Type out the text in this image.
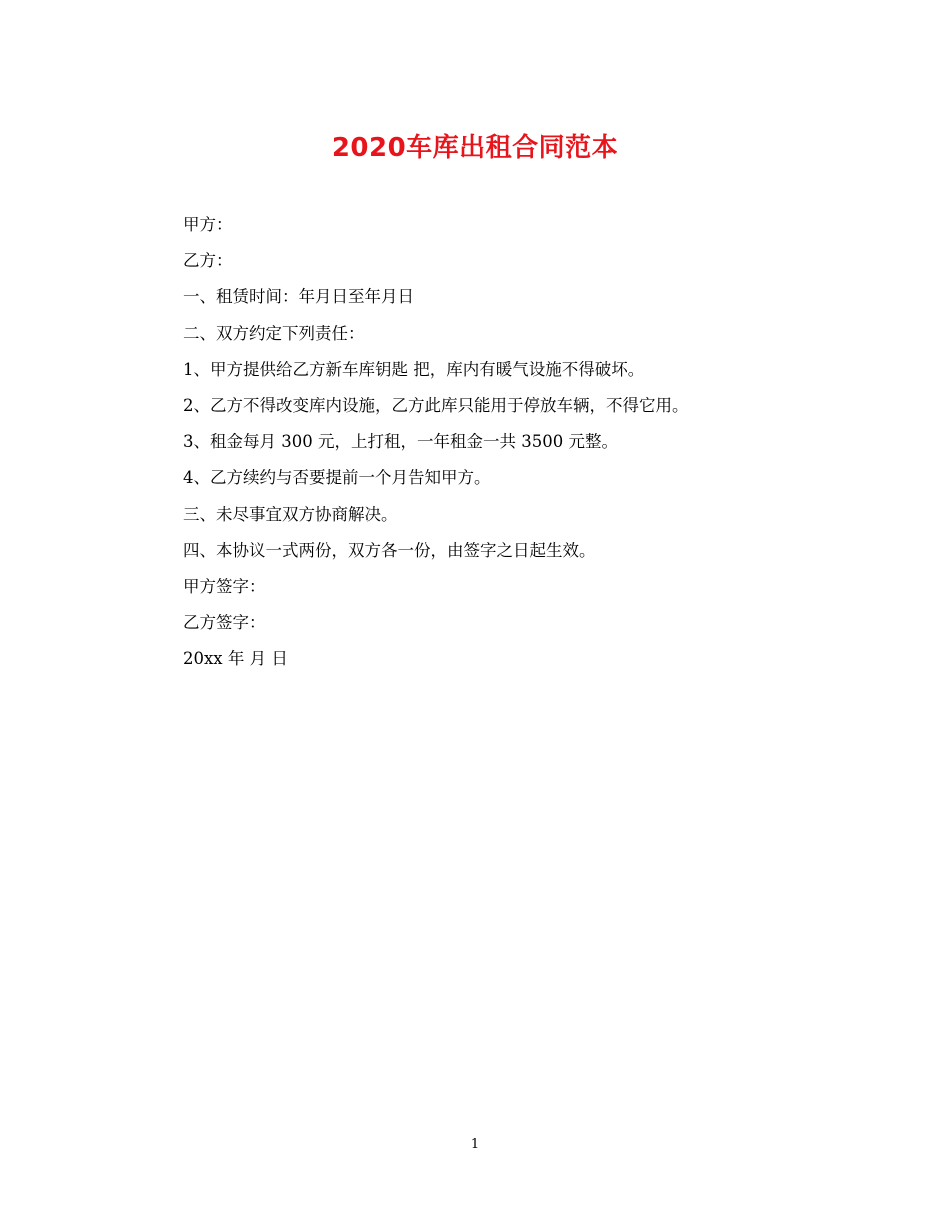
2020车库出租合同范本
甲方：
乙方：
一、租赁时间：年月日至年月日
二、双方约定下列责任：
1、甲方提供给乙方新车库钥匙 把，库内有暖气设施不得破坏。
2、乙方不得改变库内设施，乙方此库只能用于停放车辆，不得它用。
3、租金每月 300 元，上打租，一年租金一共 3500 元整。
4、乙方续约与否要提前一个月告知甲方。
三、未尽事宜双方协商解决。
四、本协议一式两份，双方各一份，由签字之日起生效。
甲方签字：
乙方签字：
20xx 年 月 日
1
